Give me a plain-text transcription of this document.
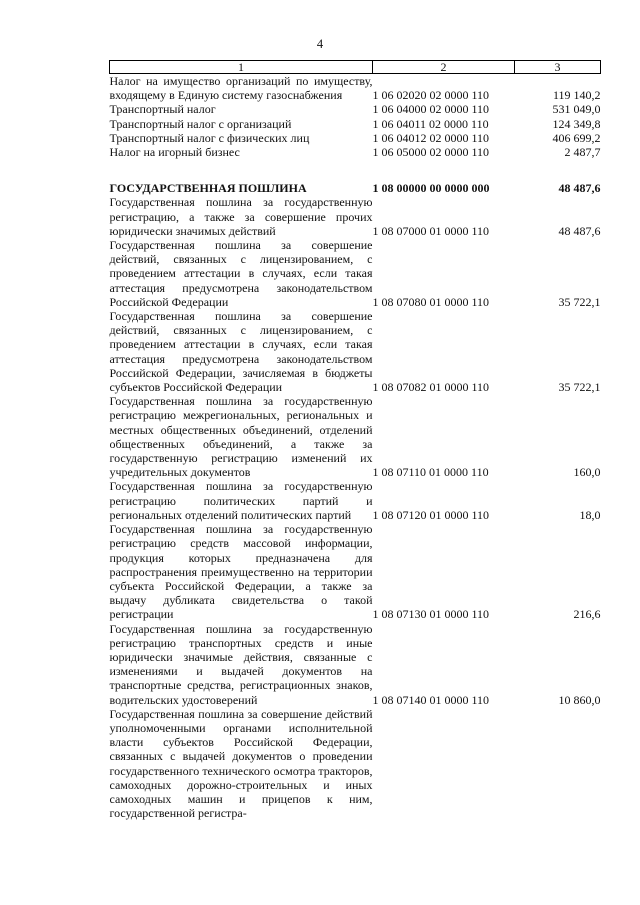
4
1	2	3
Налог на имущество организаций по имуществу, входящему в Единую систему газоснабжения	1 06 02020 02 0000 110	119 140,2
Транспортный налог	1 06 04000 02 0000 110	531 049,0
Транспортный налог с организаций	1 06 04011 02 0000 110	124 349,8
Транспортный налог с физических лиц	1 06 04012 02 0000 110	406 699,2
Налог на игорный бизнес	1 06 05000 02 0000 110	2 487,7

ГОСУДАРСТВЕННАЯ ПОШЛИНА	1 08 00000 00 0000 000	48 487,6
Государственная пошлина за государственную регистрацию, а также за совершение прочих юридически значимых действий	1 08 07000 01 0000 110	48 487,6
Государственная пошлина за совершение действий, связанных с лицензированием, с проведением аттестации в случаях, если такая аттестация предусмотрена законодательством Российской Федерации	1 08 07080 01 0000 110	35 722,1
Государственная пошлина за совершение действий, связанных с лицензированием, с проведением аттестации в случаях, если такая аттестация предусмотрена законодательством Российской Федерации, зачисляемая в бюджеты субъектов Российской Федерации	1 08 07082 01 0000 110	35 722,1
Государственная пошлина за государственную регистрацию межрегиональных, региональных и местных общественных объединений, отделений общественных объединений, а также за государственную регистрацию изменений их учредительных документов	1 08 07110 01 0000 110	160,0
Государственная пошлина за государственную регистрацию политических партий и региональных отделений политических партий	1 08 07120 01 0000 110	18,0
Государственная пошлина за государственную регистрацию средств массовой информации, продукция которых предназначена для распространения преимущественно на территории субъекта Российской Федерации, а также за выдачу дубликата свидетельства о такой регистрации	1 08 07130 01 0000 110	216,6
Государственная пошлина за государственную регистрацию транспортных средств и иные юридически значимые действия, связанные с изменениями и выдачей документов на транспортные средства, регистрационных знаков, водительских удостоверений	1 08 07140 01 0000 110	10 860,0
Государственная пошлина за совершение действий уполномоченными органами исполнительной власти субъектов Российской Федерации, связанных с выдачей документов о проведении государственного технического осмотра тракторов, самоходных дорожно-строительных и иных самоходных машин и прицепов к ним, государственной регистра-		
